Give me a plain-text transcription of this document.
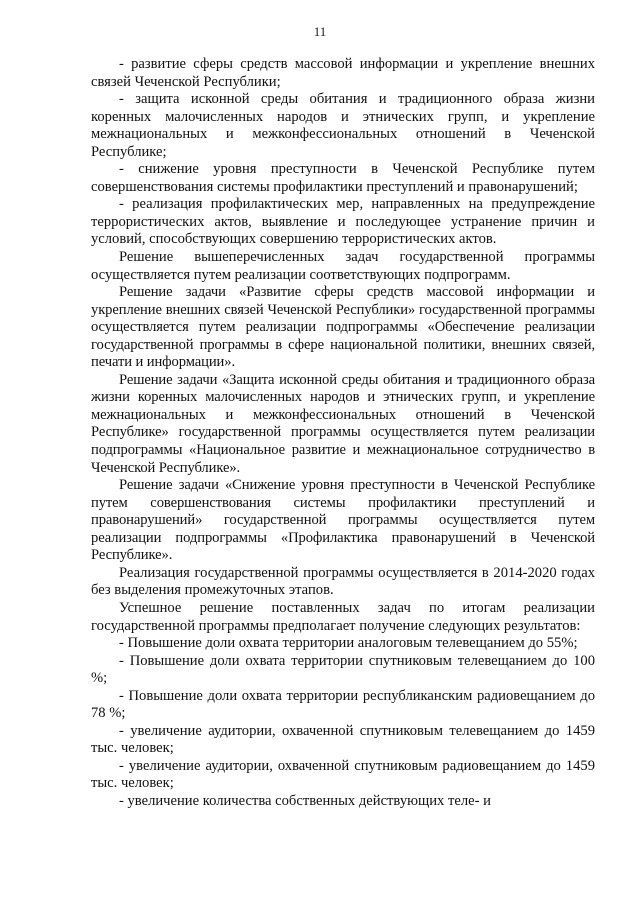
11

- развитие сферы средств массовой информации и укрепление внешних связей Чеченской Республики;

- защита исконной среды обитания и традиционного образа жизни коренных малочисленных народов и этнических групп, и укрепление межнациональных и межконфессиональных отношений в Чеченской Республике;

- снижение уровня преступности в Чеченской Республике путем совершенствования системы профилактики преступлений и правонарушений;

- реализация профилактических мер, направленных на предупреждение террористических актов, выявление и последующее устранение причин и условий, способствующих совершению террористических актов.

Решение вышеперечисленных задач государственной программы осуществляется путем реализации соответствующих подпрограмм.

Решение задачи «Развитие сферы средств массовой информации и укрепление внешних связей Чеченской Республики» государственной программы осуществляется путем реализации подпрограммы «Обеспечение реализации государственной программы в сфере национальной политики, внешних связей, печати и информации».

Решение задачи «Защита исконной среды обитания и традиционного образа жизни коренных малочисленных народов и этнических групп, и укрепление межнациональных и межконфессиональных отношений в Чеченской Республике» государственной программы осуществляется путем реализации подпрограммы «Национальное развитие и межнациональное сотрудничество в Чеченской Республике».

Решение задачи «Снижение уровня преступности в Чеченской Республике путем совершенствования системы профилактики преступлений и правонарушений» государственной программы осуществляется путем реализации подпрограммы «Профилактика правонарушений в Чеченской Республике».

Реализация государственной программы осуществляется в 2014-2020 годах без выделения промежуточных этапов.

Успешное решение поставленных задач по итогам реализации государственной программы предполагает получение следующих результатов:

- Повышение доли охвата территории аналоговым телевещанием до 55%;

- Повышение доли охвата территории спутниковым телевещанием до 100 %;

- Повышение доли охвата территории республиканским радиовещанием до 78 %;

- увеличение аудитории, охваченной спутниковым телевещанием до 1459 тыс. человек;

- увеличение аудитории, охваченной спутниковым радиовещанием до 1459 тыс. человек;

- увеличение количества собственных действующих теле- и
